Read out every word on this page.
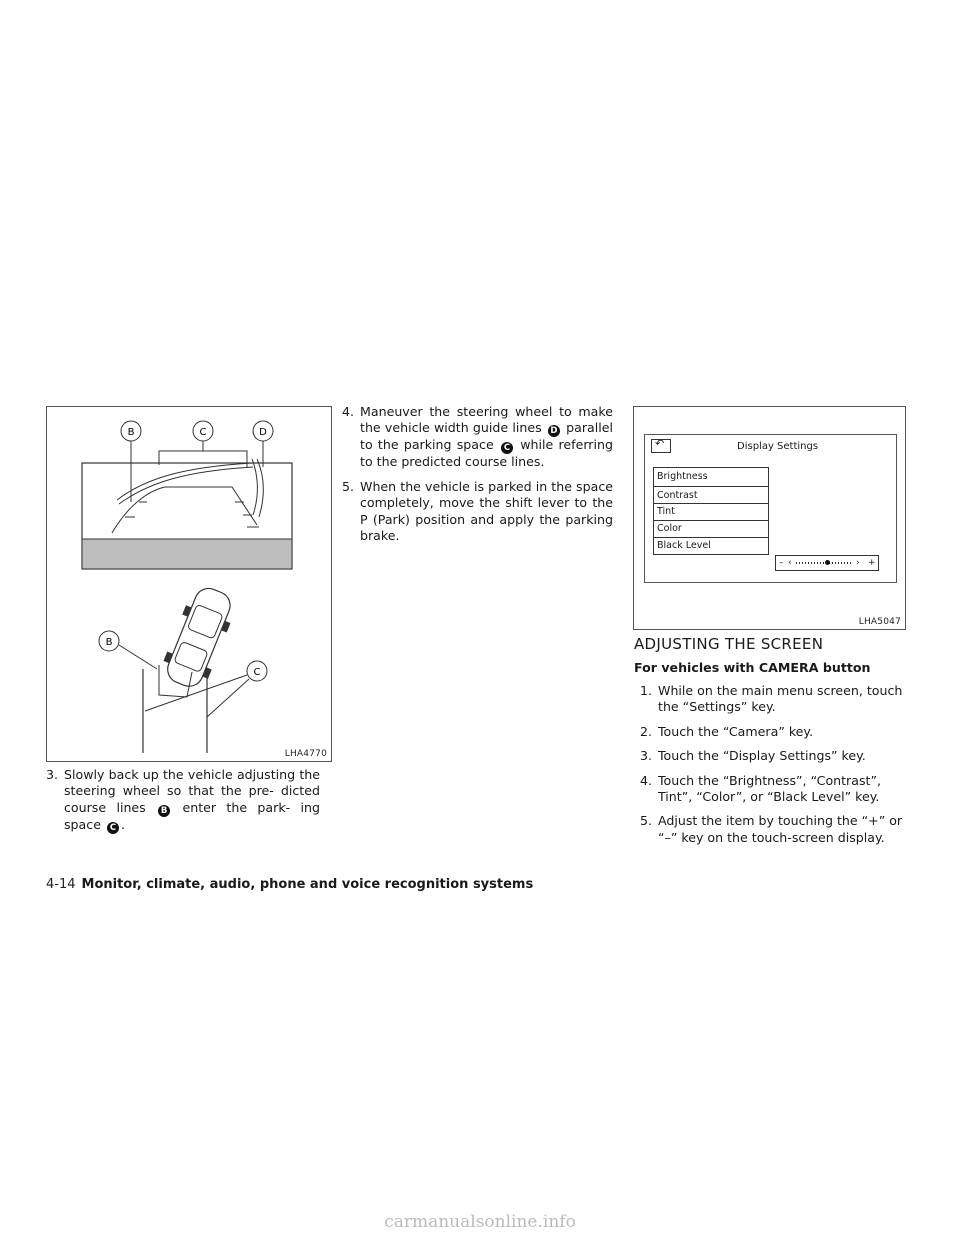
B	C	D
B
C
LHA4770
↶	Display Settings
Brightness
Contrast
Tint
Color
Black Level
– ‹	› +
LHA5047
3. Slowly back up the vehicle adjusting the steering wheel so that the pre- dicted course lines B enter the park- ing space C .
4. Maneuver the steering wheel to make the vehicle width guide lines D parallel to the parking space C while referring to the predicted course lines.
5. When the vehicle is parked in the space completely, move the shift lever to the P (Park) position and apply the parking brake.
ADJUSTING THE SCREEN
For vehicles with CAMERA button
1. While on the main menu screen, touch the “Settings” key.
2. Touch the “Camera” key.
3. Touch the “Display Settings” key.
4. Touch the “Brightness”, “Contrast”, Tint”, “Color”, or “Black Level” key.
5. Adjust the item by touching the “+” or “–” key on the touch-screen display.
4-14 Monitor, climate, audio, phone and voice recognition systems
carmanualsonline.info
